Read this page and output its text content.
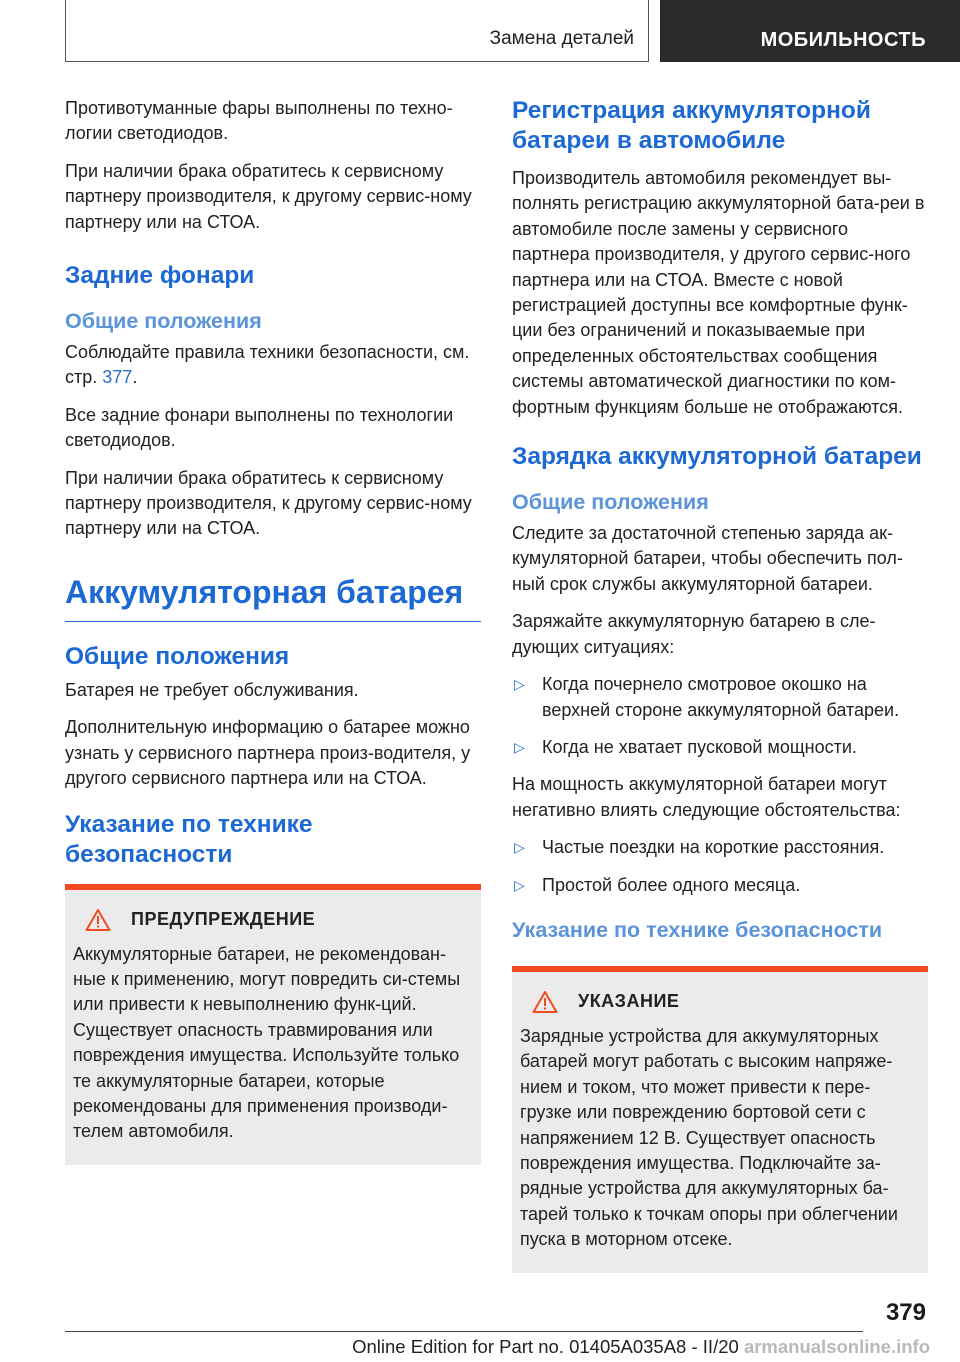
Замена деталей	МОБИЛЬНОСТЬ

Противотуманные фары выполнены по техно‐логии светодиодов.

При наличии брака обратитесь к сервисному партнеру производителя, к другому сервис‐ному партнеру или на СТОА.

Задние фонари
Общие положения

Соблюдайте правила техники безопасности, см. стр. 377.

Все задние фонари выполнены по технологии светодиодов.

При наличии брака обратитесь к сервисному партнеру производителя, к другому сервис‐ному партнеру или на СТОА.

Аккумуляторная батарея
Общие положения

Батарея не требует обслуживания.

Дополнительную информацию о батарее можно узнать у сервисного партнера произ‐водителя, у другого сервисного партнера или на СТОА.

Указание по технике безопасности
ПРЕДУПРЕЖДЕНИЕ

Аккумуляторные батареи, не рекомендован‐ные к применению, могут повредить си‐стемы или привести к невыполнению функ‐ций. Существует опасность травмирования или повреждения имущества. Используйте только те аккумуляторные батареи, которые рекомендованы для применения производи‐телем автомобиля.

Регистрация аккумуляторной батареи в автомобиле

Производитель автомобиля рекомендует вы‐полнять регистрацию аккумуляторной бата‐реи в автомобиле после замены у сервисного партнера производителя, у другого сервис‐ного партнера или на СТОА. Вместе с новой регистрацией доступны все комфортные функ‐ции без ограничений и показываемые при определенных обстоятельствах сообщения системы автоматической диагностики по ком‐фортным функциям больше не отображаются.

Зарядка аккумуляторной батареи
Общие положения

Следите за достаточной степенью заряда ак‐кумуляторной батареи, чтобы обеспечить пол‐ный срок службы аккумуляторной батареи.

Заряжайте аккумуляторную батарею в сле‐дующих ситуациях:

▷ Когда почернело смотровое окошко на верхней стороне аккумуляторной батареи.

▷ Когда не хватает пусковой мощности.

На мощность аккумуляторной батареи могут негативно влиять следующие обстоятельства:

▷ Частые поездки на короткие расстояния.

▷ Простой более одного месяца.

Указание по технике безопасности
УКАЗАНИЕ

Зарядные устройства для аккумуляторных батарей могут работать с высоким напряже‐нием и током, что может привести к пере‐грузке или повреждению бортовой сети с напряжением 12 В. Существует опасность повреждения имущества. Подключайте за‐рядные устройства для аккумуляторных ба‐тарей только к точкам опоры при облегчении пуска в моторном отсеке.

379
Online Edition for Part no. 01405A035A8 - II/20 armanualsonline.info
